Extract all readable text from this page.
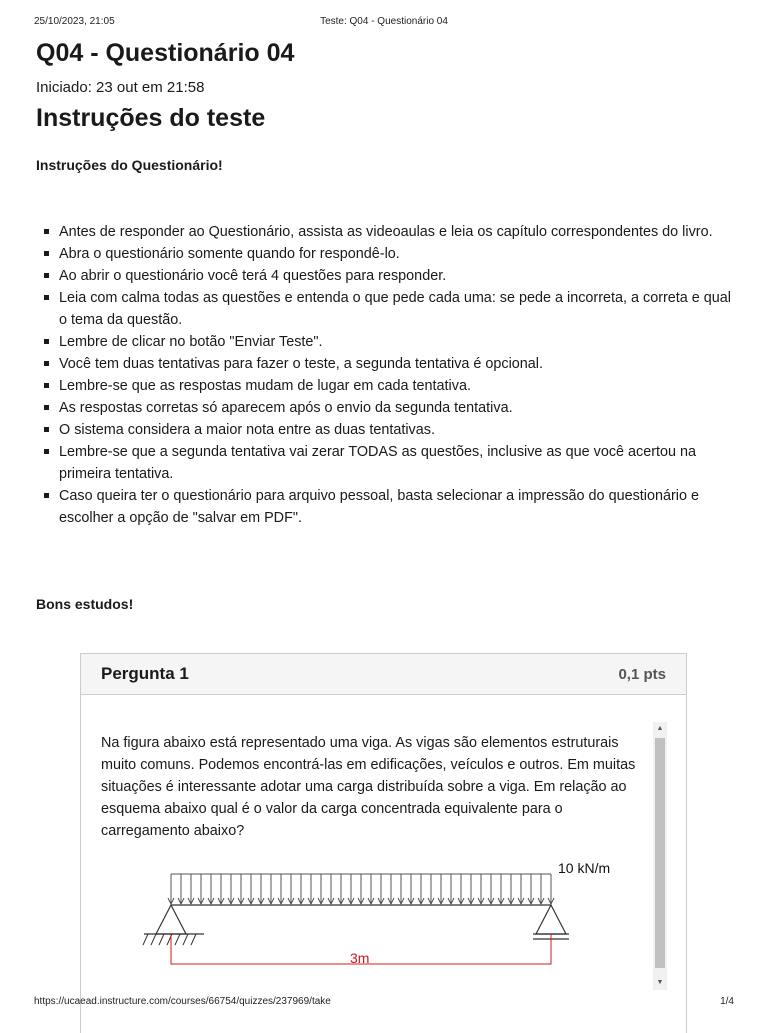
25/10/2023, 21:05	Teste: Q04 - Questionário 04
Q04 - Questionário 04
Iniciado: 23 out em 21:58
Instruções do teste
Instruções do Questionário!
Antes de responder ao Questionário, assista as videoaulas e leia os capítulo correspondentes do livro.
Abra o questionário somente quando for respondê-lo.
Ao abrir o questionário você terá 4 questões para responder.
Leia com calma todas as questões e entenda o que pede cada uma: se pede a incorreta, a correta e qual o tema da questão.
Lembre de clicar no botão "Enviar Teste".
Você tem duas tentativas para fazer o teste, a segunda tentativa é opcional.
Lembre-se que as respostas mudam de lugar em cada tentativa.
As respostas corretas só aparecem após o envio da segunda tentativa.
O sistema considera a maior nota entre as duas tentativas.
Lembre-se que a segunda tentativa vai zerar TODAS as questões, inclusive as que você acertou na primeira tentativa.
Caso queira ter o questionário para arquivo pessoal, basta selecionar a impressão do questionário e escolher a opção de "salvar em PDF".
Bons estudos!
Pergunta 1	0,1 pts
Na figura abaixo está representado uma viga. As vigas são elementos estruturais muito comuns. Podemos encontrá-las em edificações, veículos e outros. Em muitas situações é interessante adotar uma carga distribuída sobre a viga. Em relação ao esquema abaixo qual é o valor da carga concentrada equivalente para o carregamento abaixo?
▲
▼
10 kN/m
3m
https://ucaead.instructure.com/courses/66754/quizzes/237969/take	1/4
